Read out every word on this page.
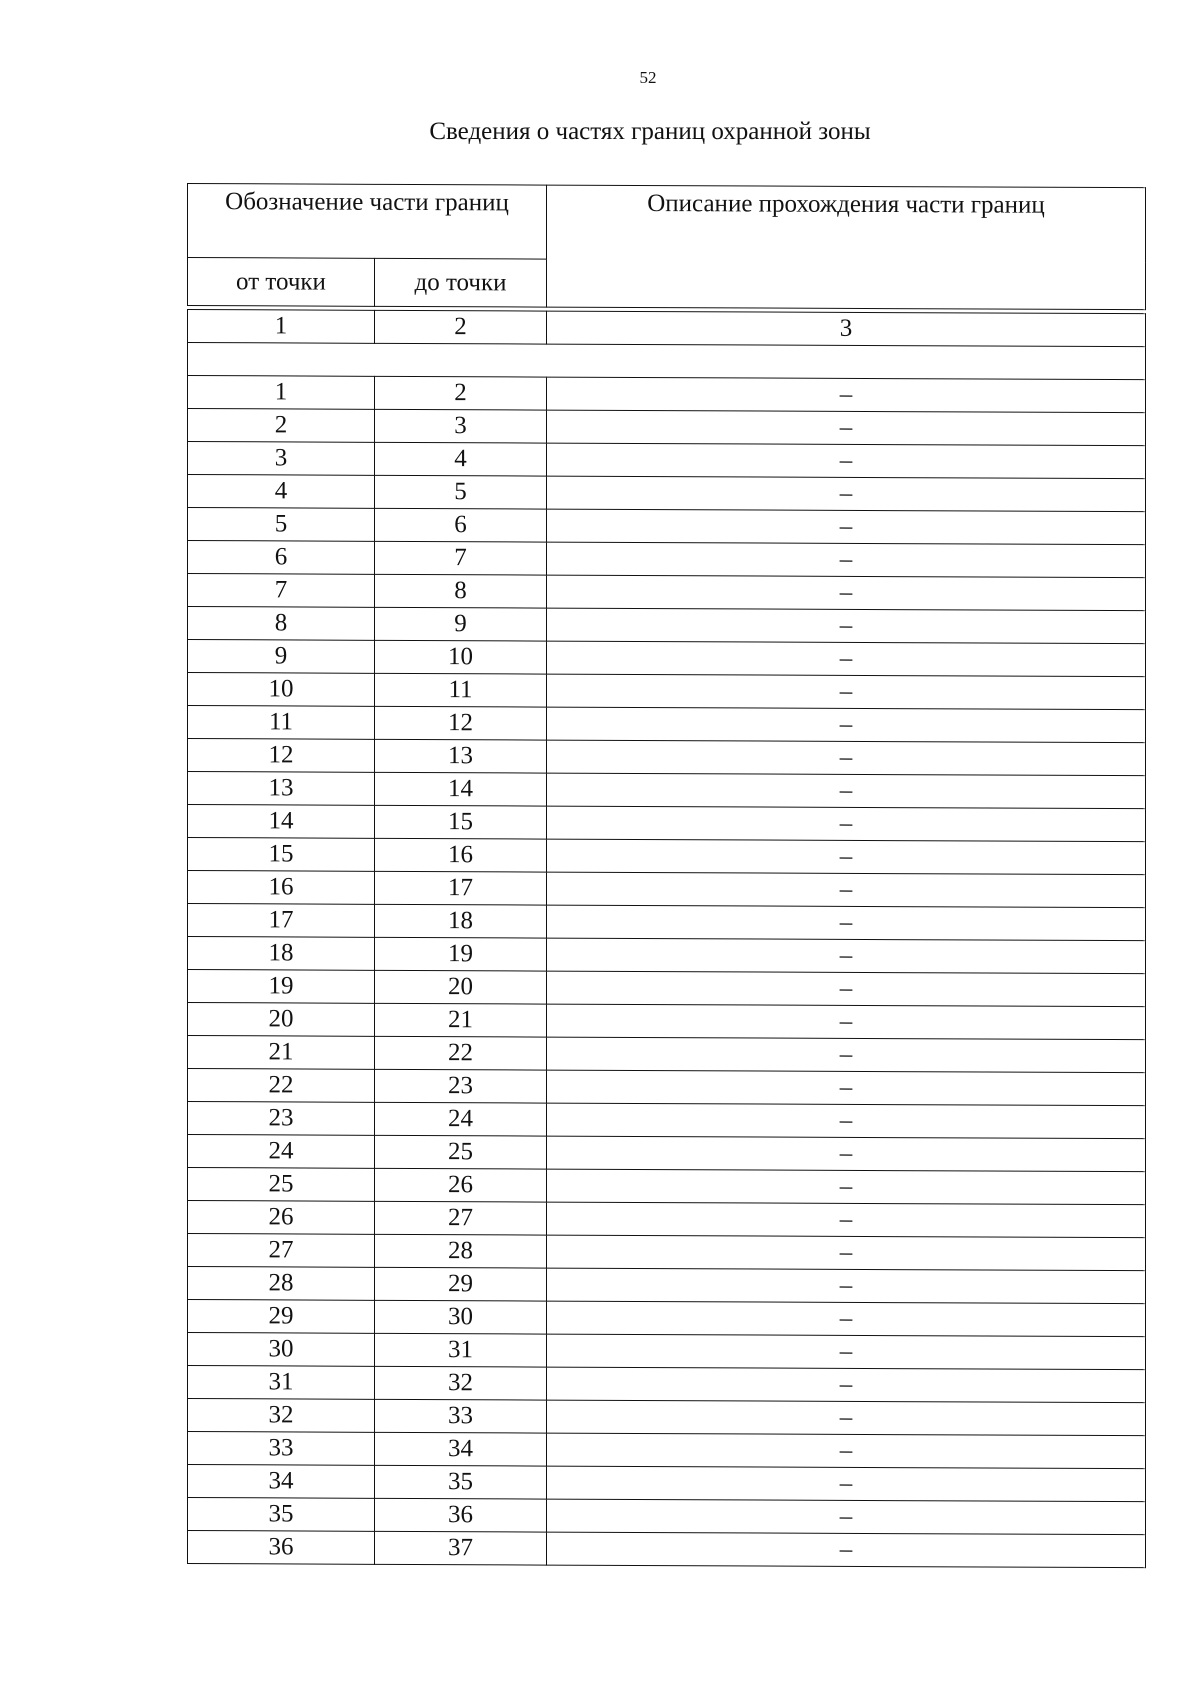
52
Сведения о частях границ охранной зоны
Обозначение части границ		Описание прохождения части границ
от точки	до точки	
1	2	3

1	2	–
2	3	–
3	4	–
4	5	–
5	6	–
6	7	–
7	8	–
8	9	–
9	10	–
10	11	–
11	12	–
12	13	–
13	14	–
14	15	–
15	16	–
16	17	–
17	18	–
18	19	–
19	20	–
20	21	–
21	22	–
22	23	–
23	24	–
24	25	–
25	26	–
26	27	–
27	28	–
28	29	–
29	30	–
30	31	–
31	32	–
32	33	–
33	34	–
34	35	–
35	36	–
36	37	–
